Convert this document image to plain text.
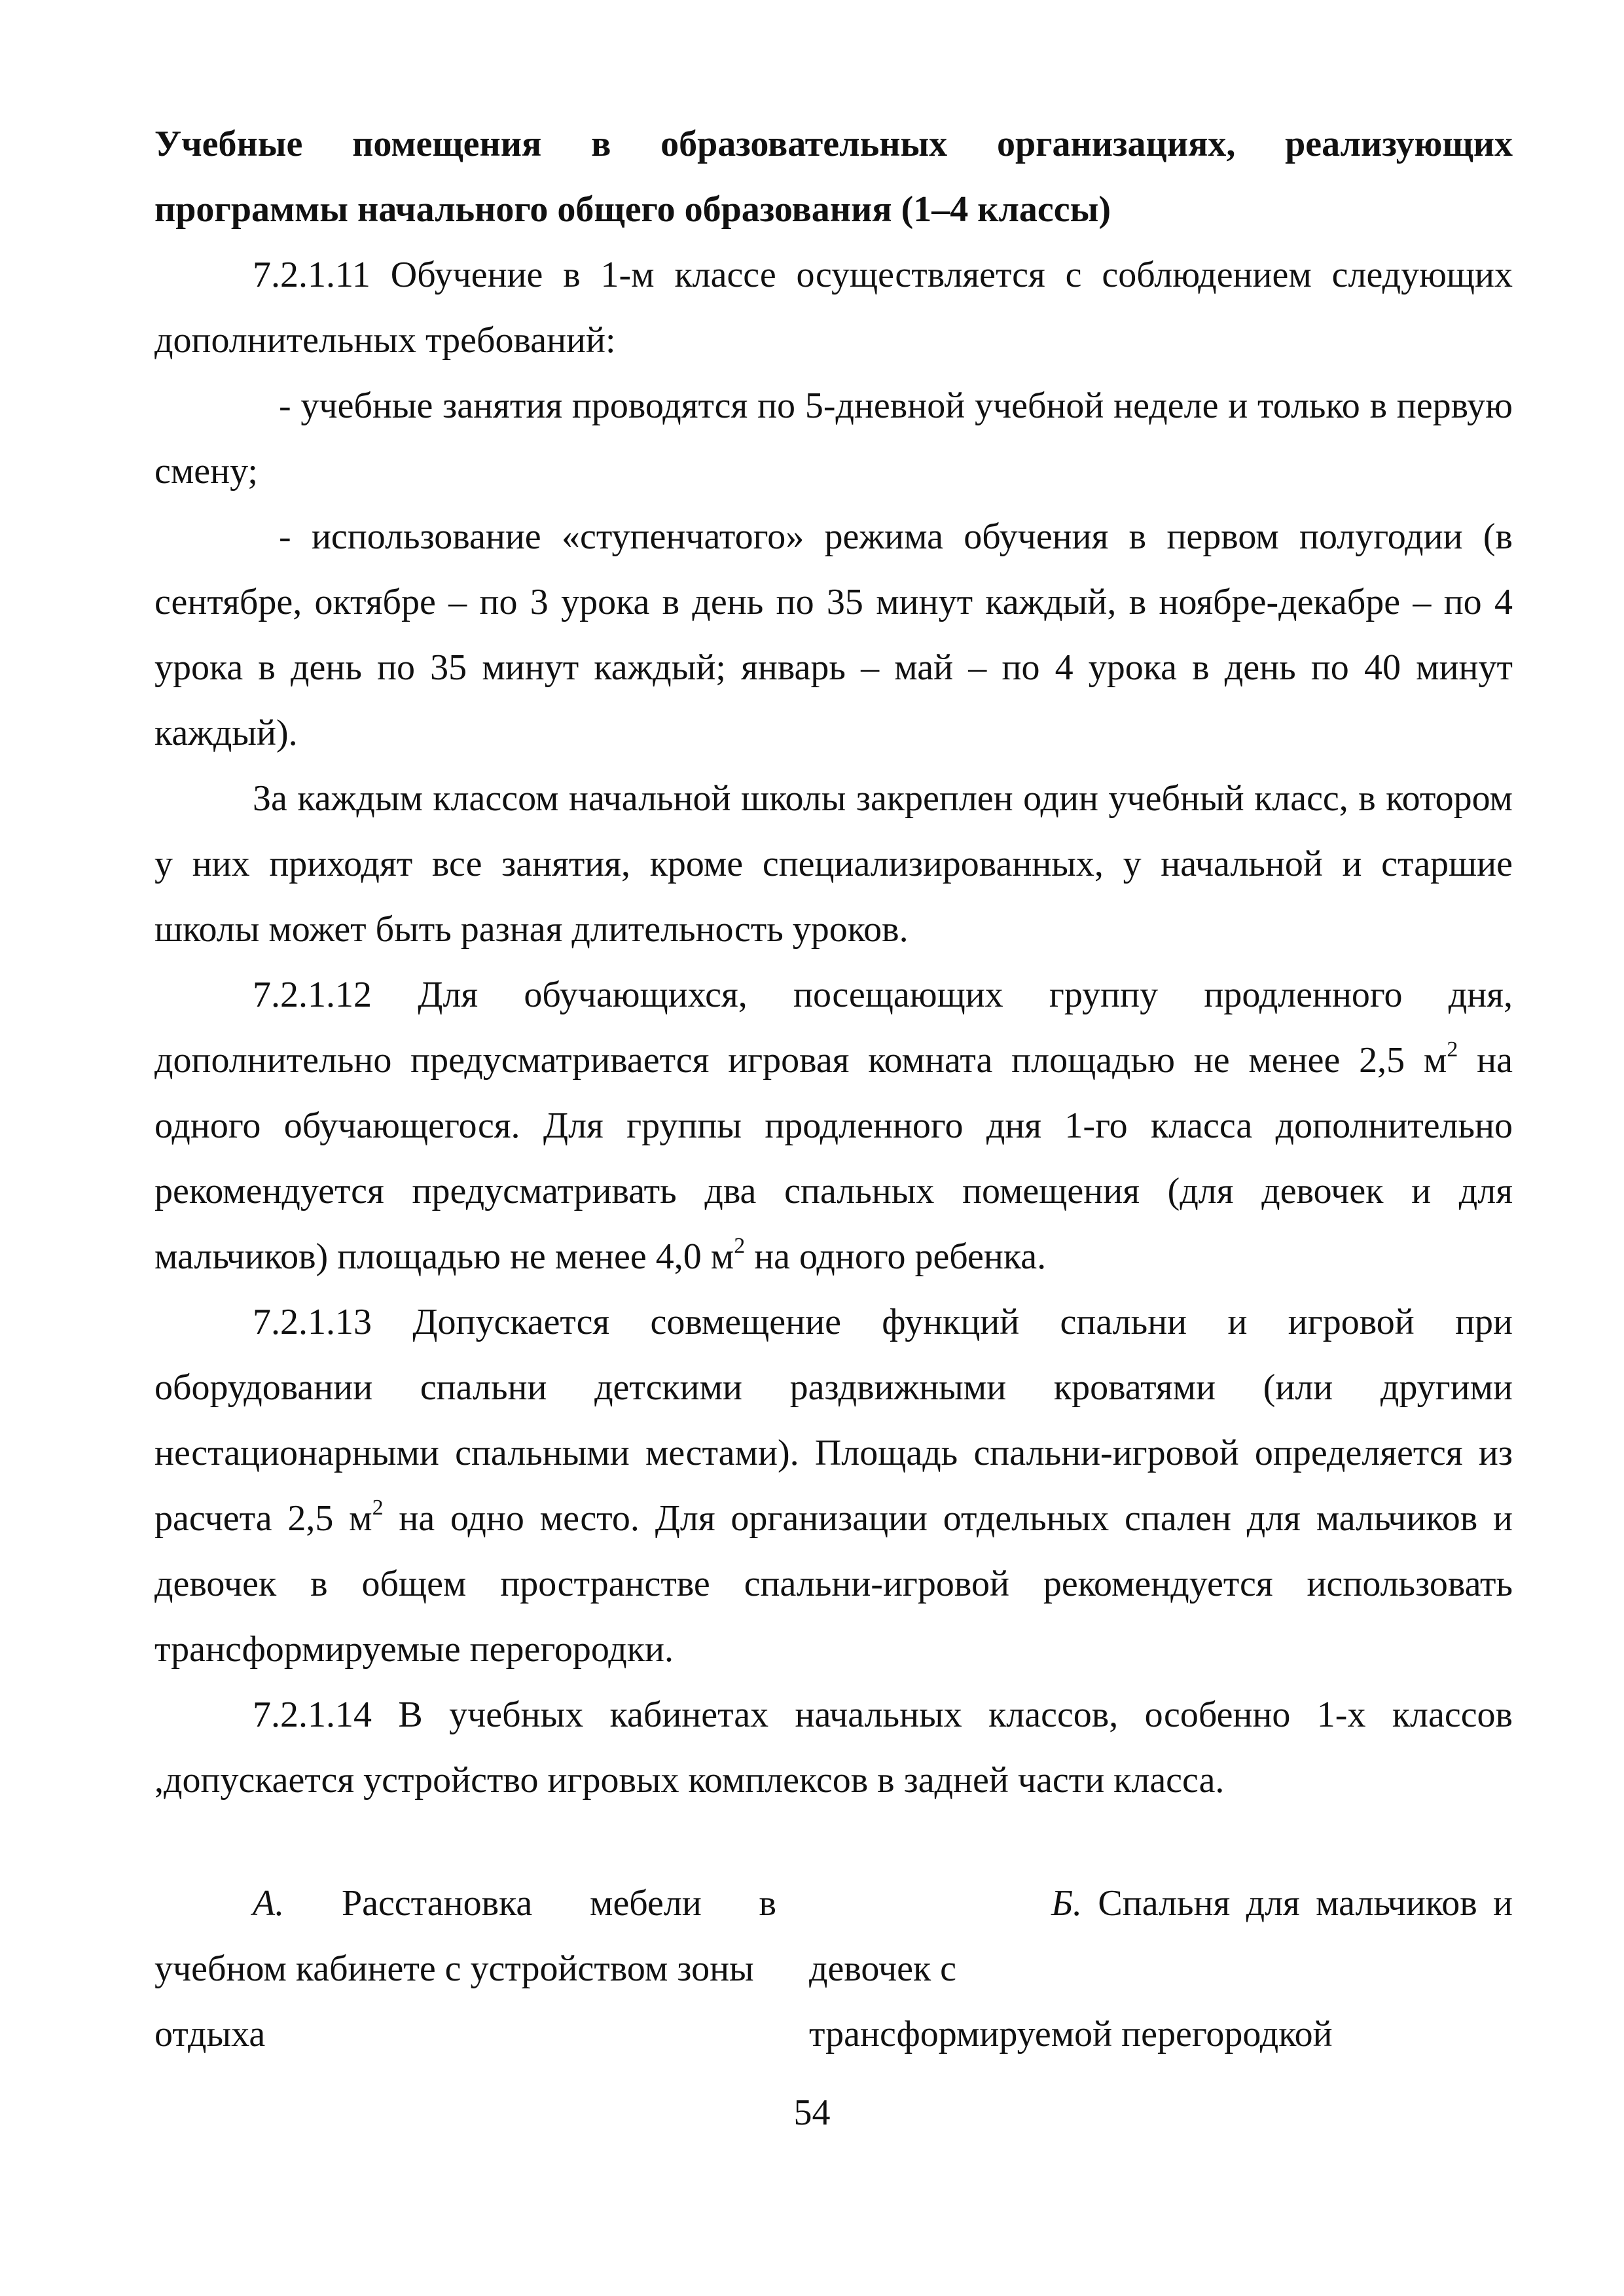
Учебные помещения в образовательных организациях, реализующих программы начального общего образования (1–4 классы)

7.2.1.11 Обучение в 1-м классе осуществляется с соблюдением следующих дополнительных требований:

- учебные занятия проводятся по 5-дневной учебной неделе и только в первую смену;

- использование «ступенчатого» режима обучения в первом полугодии (в сентябре, октябре – по 3 урока в день по 35 минут каждый, в ноябре-декабре – по 4 урока в день по 35 минут каждый; январь – май – по 4 урока в день по 40 минут каждый).

За каждым классом начальной школы закреплен один учебный класс, в котором у них приходят все занятия, кроме специализированных, у начальной и старшие школы может быть разная длительность уроков.

7.2.1.12 Для обучающихся, посещающих группу продленного дня, дополнительно предусматривается игровая комната площадью не менее 2,5 $м^2$ на одного обучающегося. Для группы продленного дня 1-го класса дополнительно рекомендуется предусматривать два спальных помещения (для девочек и для мальчиков) площадью не менее 4,0 $м^2$ на одного ребенка.

7.2.1.13 Допускается совмещение функций спальни и игровой при оборудовании спальни детскими раздвижными кроватями (или другими нестационарными спальными местами). Площадь спальни-игровой определяется из расчета 2,5 $м^2$ на одно место. Для организации отдельных спален для мальчиков и девочек в общем пространстве спальни-игровой рекомендуется использовать трансформируемые перегородки.

7.2.1.14 В учебных кабинетах начальных классов, особенно 1-х классов ,допускается устройство игровых комплексов в задней части класса.

А. Расстановка мебели в

учебном кабинете с устройством зоны

отдыха

Б. Спальня для мальчиков и девочек с

трансформируемой перегородкой

54
